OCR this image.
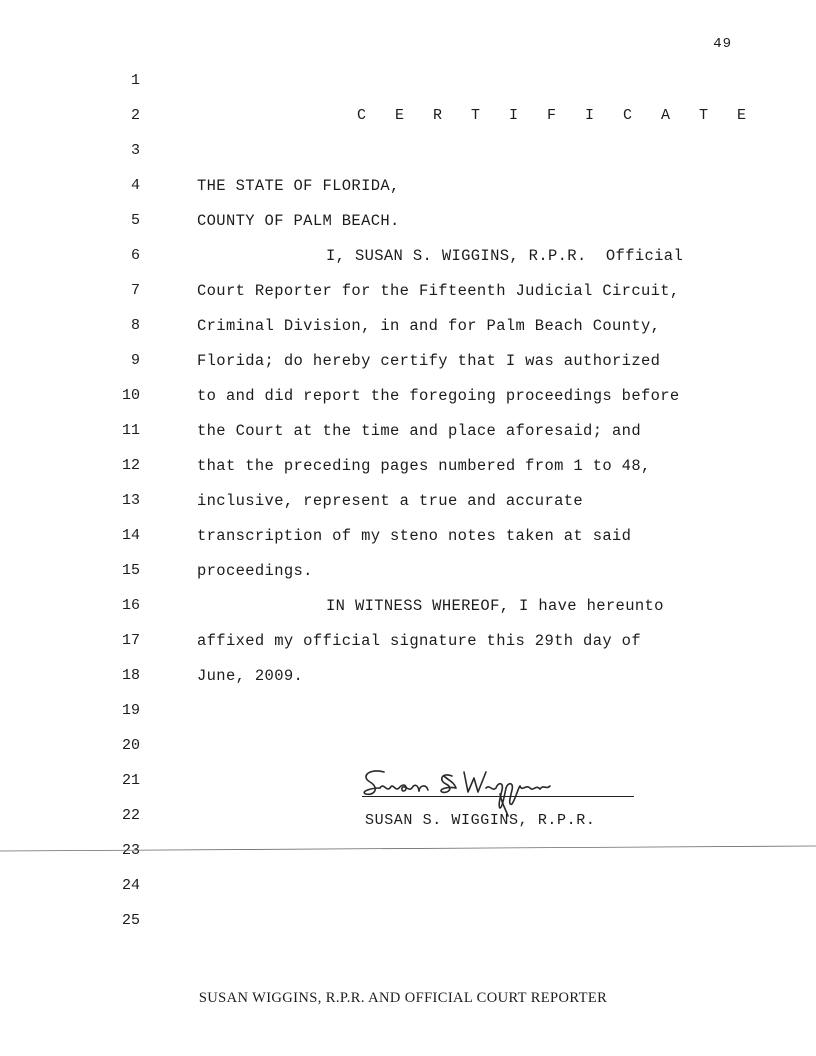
49
1
2
3
4
5
6
7
8
9
10
11
12
13
14
15
16
17
18
19
20
21
22
23
24
25
C E R T I F I C A T E
THE STATE OF FLORIDA,
COUNTY OF PALM BEACH.
I, SUSAN S. WIGGINS, R.P.R.  Official
Court Reporter for the Fifteenth Judicial Circuit,
Criminal Division, in and for Palm Beach County,
Florida; do hereby certify that I was authorized
to and did report the foregoing proceedings before
the Court at the time and place aforesaid; and
that the preceding pages numbered from 1 to 48,
inclusive, represent a true and accurate
transcription of my steno notes taken at said
proceedings.
IN WITNESS WHEREOF, I have hereunto
affixed my official signature this 29th day of
June, 2009.
SUSAN S. WIGGINS, R.P.R.
SUSAN WIGGINS, R.P.R. AND OFFICIAL COURT REPORTER
